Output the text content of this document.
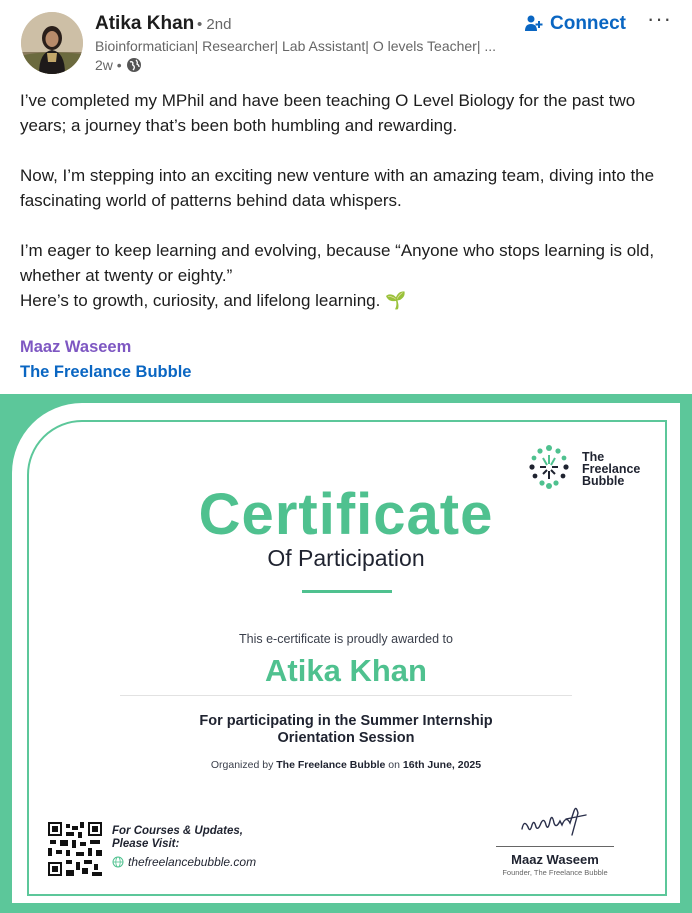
Atika Khan • 2nd
Bioinformatician| Researcher| Lab Assistant| O levels Teacher| ...
2w •
Connect ···

I’ve completed my MPhil and have been teaching O Level Biology for the past two years; a journey that’s been both humbling and rewarding.

Now, I’m stepping into an exciting new venture with an amazing team, diving into the fascinating world of patterns behind data whispers.

I’m eager to keep learning and evolving, because “Anyone who stops learning is old, whether at twenty or eighty.”

Here’s to growth, curiosity, and lifelong learning. 🌱

Maaz Waseem
The Freelance Bubble
The
Freelance
Bubble
Certificate
Of Participation
This e-certificate is proudly awarded to
Atika Khan
For participating in the Summer Internship
Orientation Session
Organized by The Freelance Bubble on 16th June, 2025
For Courses & Updates,
Please Visit:
thefreelancebubble.com	Maaz Waseem
Founder, The Freelance Bubble
